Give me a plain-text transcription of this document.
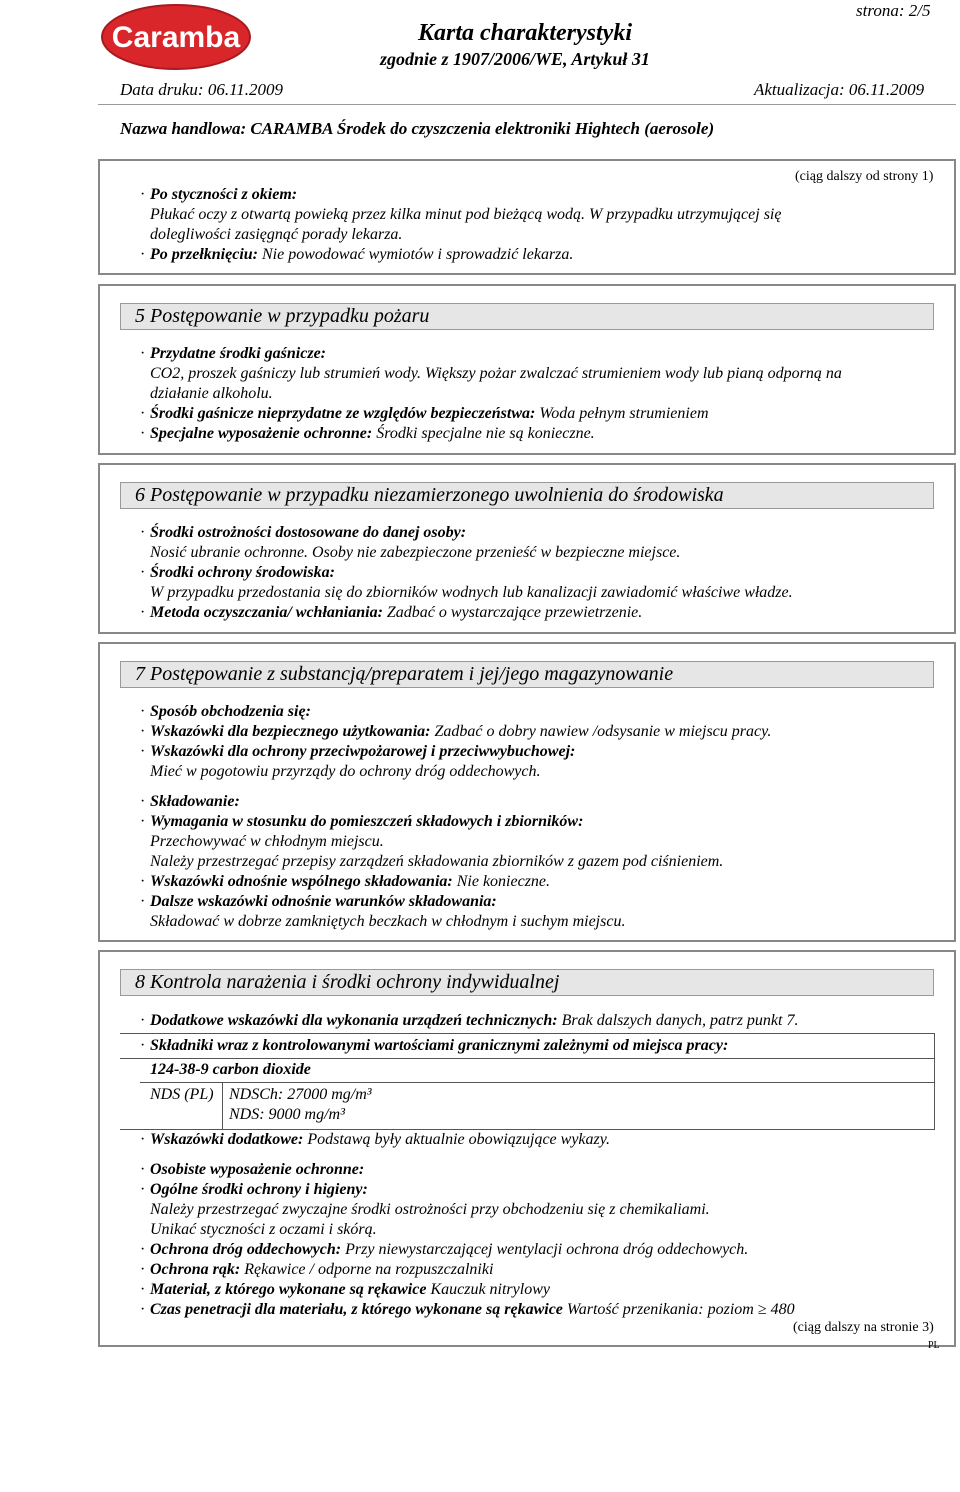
Caramba
strona: 2/5
Karta charakterystyki
zgodnie z 1907/2006/WE, Artykuł 31
Data druku: 06.11.2009	Aktualizacja: 06.11.2009
Nazwa handlowa: CARAMBA Środek do czyszczenia elektroniki Hightech (aerosole)
(ciąg dalszy od strony 1)
· Po styczności z okiem:
Płukać oczy z otwartą powieką przez kilka minut pod bieżącą wodą. W przypadku utrzymującej się
dolegliwości zasięgnąć porady lekarza.
· Po przełknięciu: Nie powodować wymiotów i sprowadzić lekarza.
5 Postępowanie w przypadku pożaru
· Przydatne środki gaśnicze:
CO2, proszek gaśniczy lub strumień wody. Większy pożar zwalczać strumieniem wody lub pianą odporną na
działanie alkoholu.
· Środki gaśnicze nieprzydatne ze względów bezpieczeństwa: Woda pełnym strumieniem
· Specjalne wyposażenie ochronne: Środki specjalne nie są konieczne.
6 Postępowanie w przypadku niezamierzonego uwolnienia do środowiska
· Środki ostrożności dostosowane do danej osoby:
Nosić ubranie ochronne. Osoby nie zabezpieczone przenieść w bezpieczne miejsce.
· Środki ochrony środowiska:
W przypadku przedostania się do zbiorników wodnych lub kanalizacji zawiadomić właściwe władze.
· Metoda oczyszczania/ wchłaniania: Zadbać o wystarczające przewietrzenie.
7 Postępowanie z substancją/preparatem i jej/jego magazynowanie
· Sposób obchodzenia się:
· Wskazówki dla bezpiecznego użytkowania: Zadbać o dobry nawiew /odsysanie w miejscu pracy.
· Wskazówki dla ochrony przeciwpożarowej i przeciwwybuchowej:
Mieć w pogotowiu przyrządy do ochrony dróg oddechowych.
· Składowanie:
· Wymagania w stosunku do pomieszczeń składowych i zbiorników:
Przechowywać w chłodnym miejscu.
Należy przestrzegać przepisy zarządzeń składowania zbiorników z gazem pod ciśnieniem.
· Wskazówki odnośnie wspólnego składowania: Nie konieczne.
· Dalsze wskazówki odnośnie warunków składowania:
Składować w dobrze zamkniętych beczkach w chłodnym i suchym miejscu.
8 Kontrola narażenia i środki ochrony indywidualnej
· Dodatkowe wskazówki dla wykonania urządzeń technicznych: Brak dalszych danych, patrz punkt 7.
· Składniki wraz z kontrolowanymi wartościami granicznymi zależnymi od miejsca pracy:
124-38-9 carbon dioxide
NDS (PL) NDSCh: 27000 mg/m³
NDS: 9000 mg/m³
· Wskazówki dodatkowe: Podstawą były aktualnie obowiązujące wykazy.
· Osobiste wyposażenie ochronne:
· Ogólne środki ochrony i higieny:
Należy przestrzegać zwyczajne środki ostrożności przy obchodzeniu się z chemikaliami.
Unikać styczności z oczami i skórą.
· Ochrona dróg oddechowych: Przy niewystarczającej wentylacji ochrona dróg oddechowych.
· Ochrona rąk: Rękawice / odporne na rozpuszczalniki
· Materiał, z którego wykonane są rękawice Kauczuk nitrylowy
· Czas penetracji dla materiału, z którego wykonane są rękawice Wartość przenikania: poziom ≥ 480
(ciąg dalszy na stronie 3)
PL
